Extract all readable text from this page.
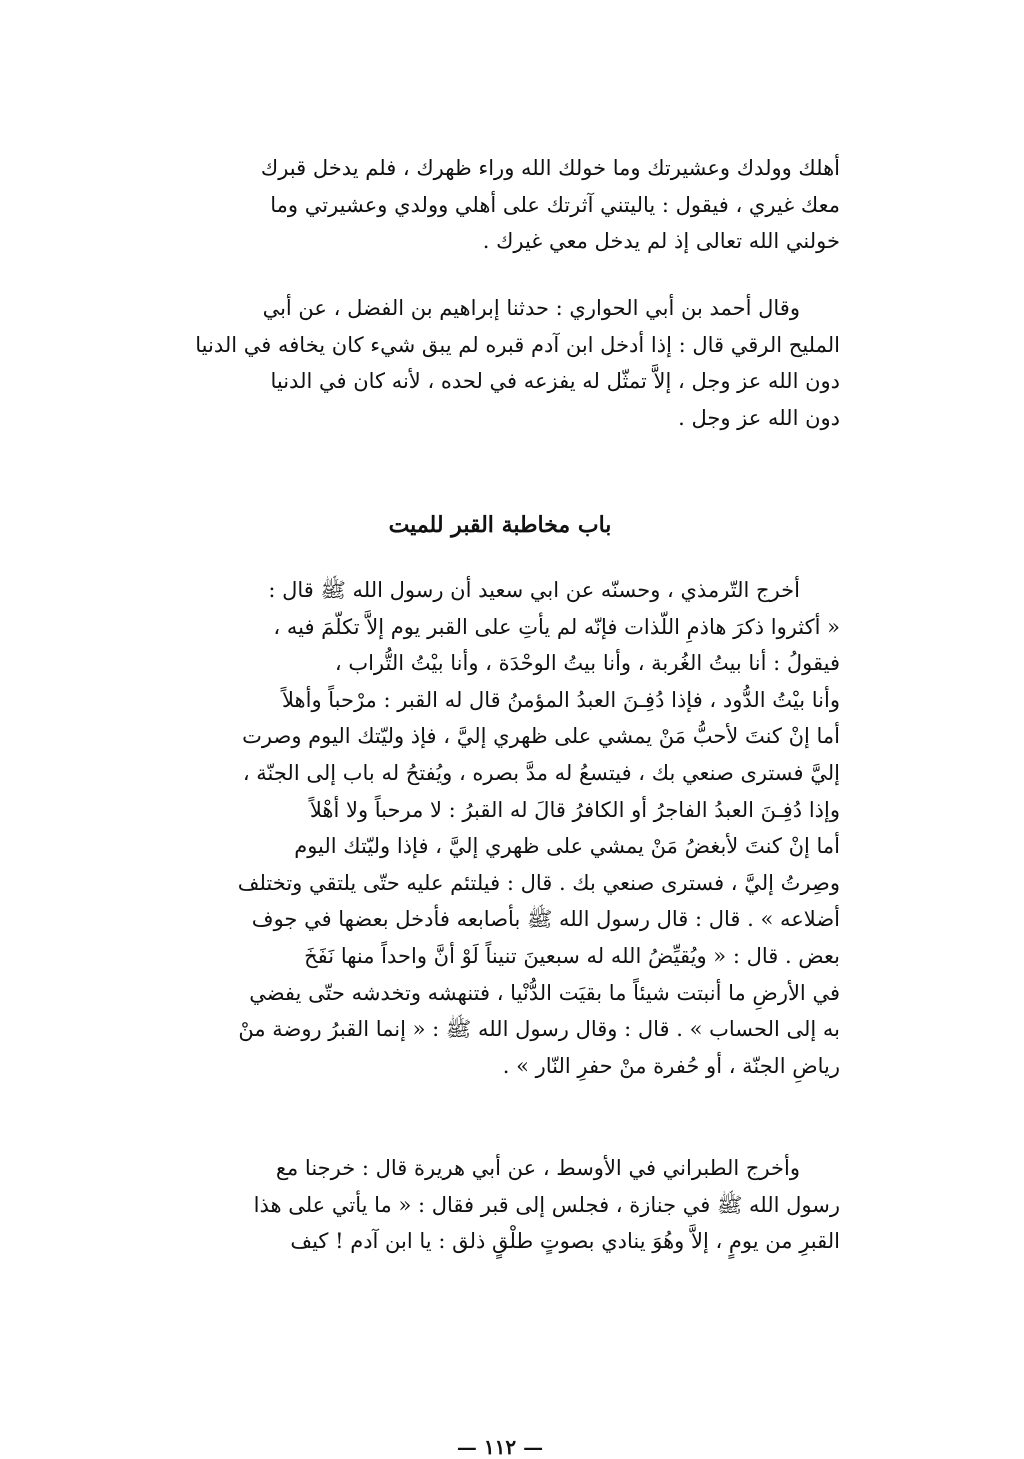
أهلك وولدك وعشيرتك وما خولك الله وراء ظهرك ، فلم يدخل قبرك
معك غيري ، فيقول : ياليتني آثرتك على أهلي وولدي وعشيرتي وما
خولني الله تعالى إذ لم يدخل معي غيرك .
وقال أحمد بن أبي الحواري : حدثنا إبراهيم بن الفضل ، عن أبي
المليح الرقي قال : إذا أدخل ابن آدم قبره لم يبق شيء كان يخافه في الدنيا
دون الله عز وجل ، إلاَّ تمثّل له يفزعه في لحده ، لأنه كان في الدنيا
دون الله عز وجل .
باب مخاطبة القبر للميت
أخرج التّرمذي ، وحسنّه عن ابي سعيد أن رسول الله ﷺ قال :
« أكثروا ذكرَ هاذمِ اللّذات فإنّه لم يأتِ على القبر يوم إلاَّ تكلّمَ فيه ،
فيقولُ : أنا بيتُ الغُربة ، وأنا بيتُ الوحْدَة ، وأنا بيْتُ التُّراب ،
وأنا بيْتُ الدُّود ، فإذا دُفِـنَ العبدُ المؤمنُ قال له القبر : مرْحباً وأهلاً
أما إنْ كنتَ لأحبُّ مَنْ يمشي على ظهري إليَّ ، فإذ وليّتك اليوم وصرت
إليَّ فسترى صنعي بك ، فيتسعُ له مدَّ بصره ، ويُفتحُ له باب إلى الجنّة ،
وإذا دُفِـنَ العبدُ الفاجرُ أو الكافرُ قالَ له القبرُ : لا مرحباً ولا أهْلاً
أما إنْ كنتَ لأبغضُ مَنْ يمشي على ظهري إليَّ ، فإذا وليّتك اليوم
وصِرتُ إليَّ ، فسترى صنعي بك . قال : فيلتئم عليه حتّى يلتقي وتختلف
أضلاعه » . قال : قال رسول الله ﷺ بأصابعه فأدخل بعضها في جوف
بعض . قال : « ويُقيِّضُ الله له سبعينَ تنيناً لَوْ أنَّ واحداً منها نَفَخَ
في الأرضِ ما أنبتت شيئاً ما بقيَت الدُّنْيا ، فتنهشه وتخدشه حتّى يفضي
به إلى الحساب » . قال : وقال رسول الله ﷺ : « إنما القبرُ روضة منْ
رياضِ الجنّة ، أو حُفرة منْ حفرِ النّار » .
وأخرج الطبراني في الأوسط ، عن أبي هريرة قال : خرجنا مع
رسول الله ﷺ في جنازة ، فجلس إلى قبر فقال : « ما يأتي على هذا
القبرِ من يومٍ ، إلاَّ وهُوَ ينادي بصوتٍ طلْقٍ ذلق : يا ابن آدم ! كيف
— ١١٢ —
